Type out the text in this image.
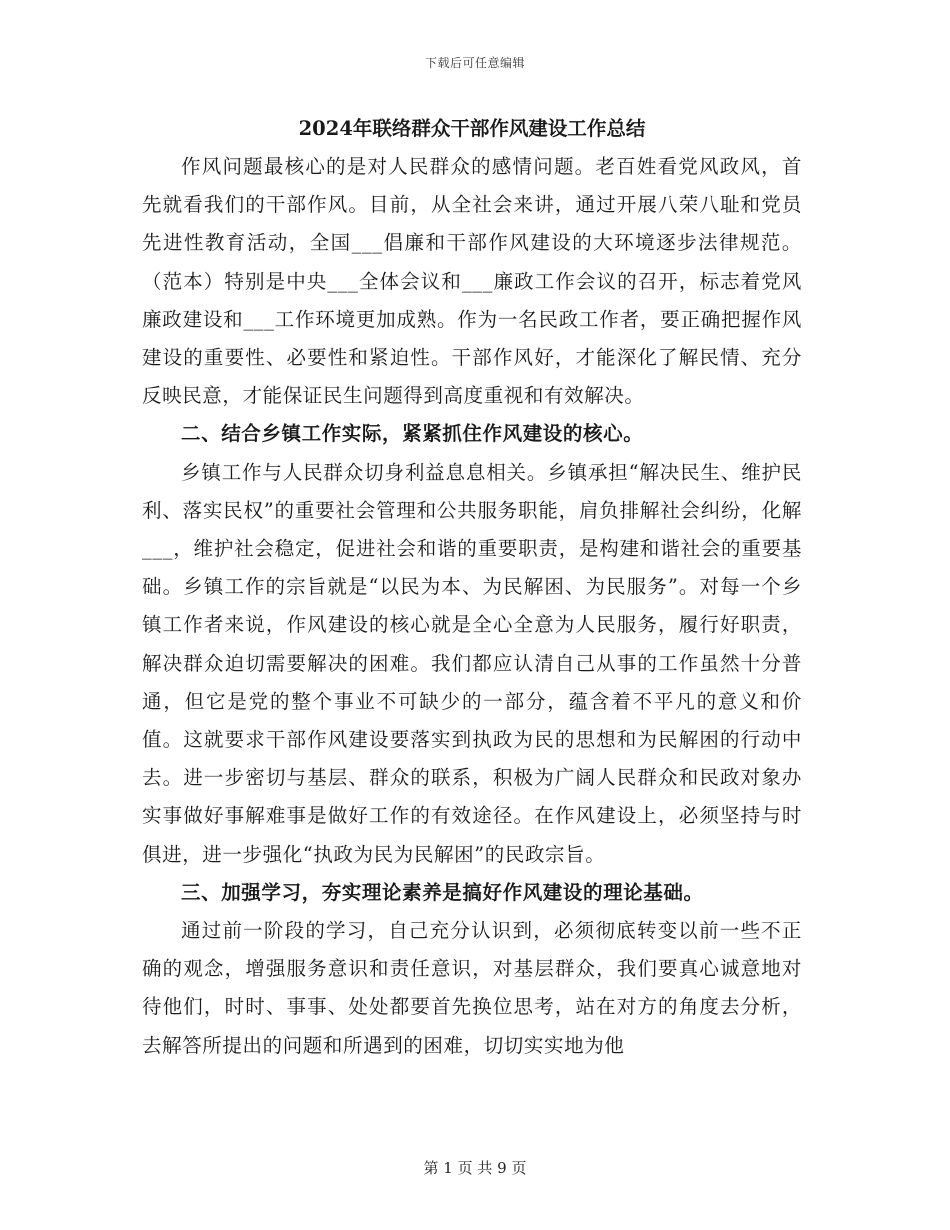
下载后可任意编辑
2024年联络群众干部作风建设工作总结

作风问题最核心的是对人民群众的感情问题。老百姓看党风政风，首先就看我们的干部作风。目前，从全社会来讲，通过开展八荣八耻和党员先进性教育活动，全国___倡廉和干部作风建设的大环境逐步法律规范。（范本）特别是中央___全体会议和___廉政工作会议的召开，标志着党风廉政建设和___工作环境更加成熟。作为一名民政工作者，要正确把握作风建设的重要性、必要性和紧迫性。干部作风好，才能深化了解民情、充分反映民意，才能保证民生问题得到高度重视和有效解决。

二、结合乡镇工作实际，紧紧抓住作风建设的核心。

乡镇工作与人民群众切身利益息息相关。乡镇承担“解决民生、维护民利、落实民权”的重要社会管理和公共服务职能，肩负排解社会纠纷，化解___，维护社会稳定，促进社会和谐的重要职责，是构建和谐社会的重要基础。乡镇工作的宗旨就是“以民为本、为民解困、为民服务”。对每一个乡镇工作者来说，作风建设的核心就是全心全意为人民服务，履行好职责，解决群众迫切需要解决的困难。我们都应认清自己从事的工作虽然十分普通，但它是党的整个事业不可缺少的一部分，蕴含着不平凡的意义和价值。这就要求干部作风建设要落实到执政为民的思想和为民解困的行动中去。进一步密切与基层、群众的联系，积极为广阔人民群众和民政对象办实事做好事解难事是做好工作的有效途径。在作风建设上，必须坚持与时俱进，进一步强化“执政为民为民解困”的民政宗旨。

三、加强学习，夯实理论素养是搞好作风建设的理论基础。

通过前一阶段的学习，自己充分认识到，必须彻底转变以前一些不正确的观念，增强服务意识和责任意识，对基层群众，我们要真心诚意地对待他们，时时、事事、处处都要首先换位思考，站在对方的角度去分析，去解答所提出的问题和所遇到的困难，切切实实地为他

第 1 页 共 9 页
